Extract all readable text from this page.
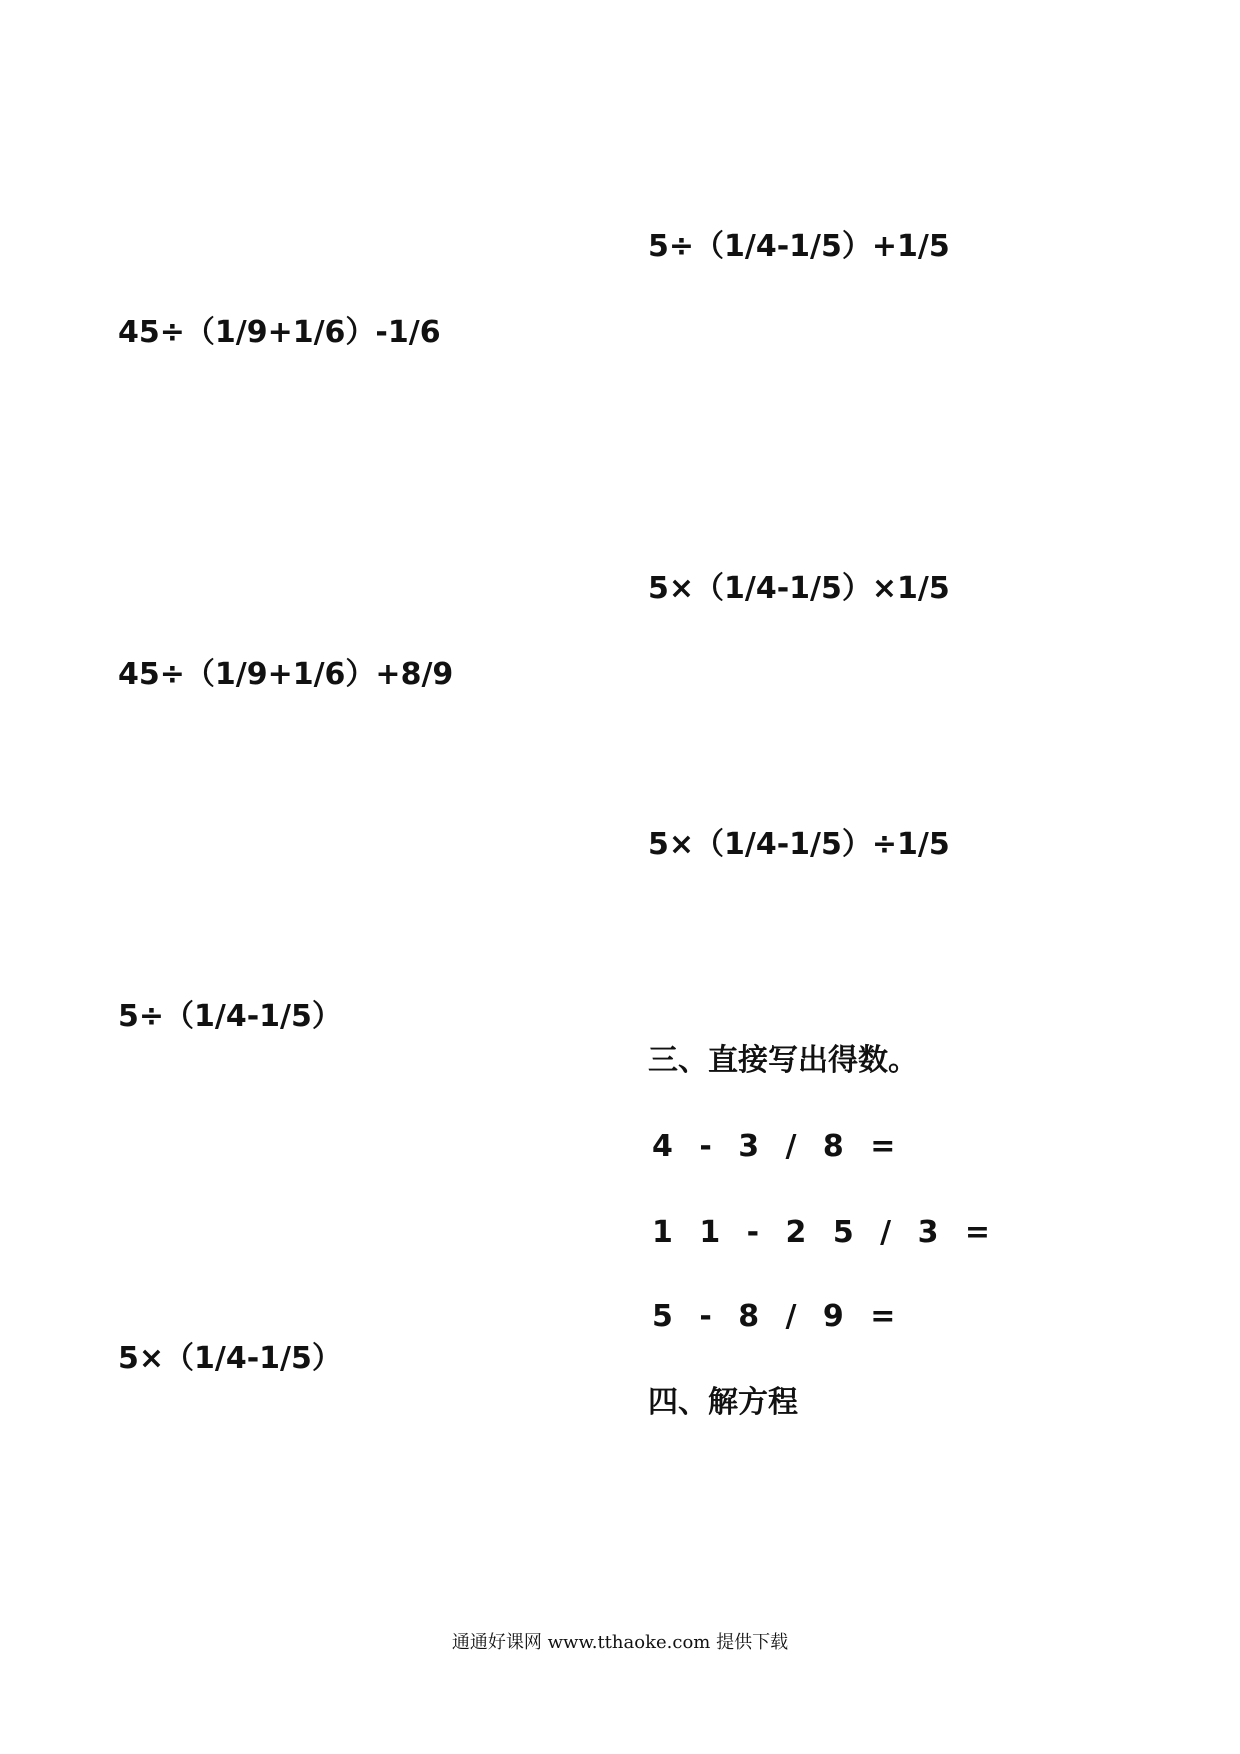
5÷（1/4-1/5）+1/5
5×（1/4-1/5）×1/5
5×（1/4-1/5）÷1/5
45÷（1/9+1/6）-1/6
45÷（1/9+1/6）+8/9
5÷（1/4-1/5）
5×（1/4-1/5）
三、直接写出得数。
4 - 3 / 8 =
1 1 - 2 5 / 3 =
5 - 8 / 9 =
四、解方程
通通好课网 www.tthaoke.com 提供下载
